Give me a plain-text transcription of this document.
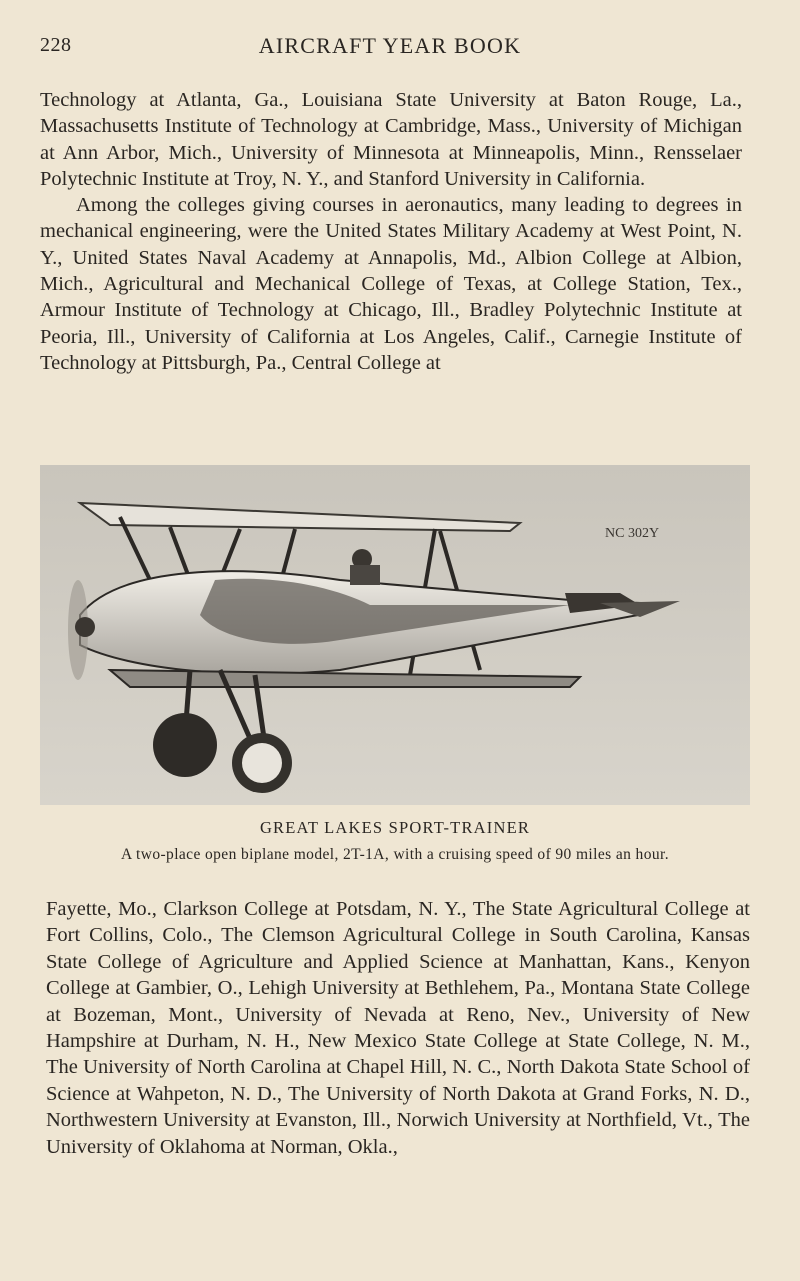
228	AIRCRAFT YEAR BOOK

Technology at Atlanta, Ga., Louisiana State University at Baton Rouge, La., Massachusetts Institute of Technology at Cambridge, Mass., University of Michigan at Ann Arbor, Mich., University of Minnesota at Minneapolis, Minn., Rensselaer Polytechnic Institute at Troy, N. Y., and Stanford University in California.

Among the colleges giving courses in aeronautics, many leading to degrees in mechanical engineering, were the United States Military Academy at West Point, N. Y., United States Naval Academy at Annapolis, Md., Albion College at Albion, Mich., Agricultural and Mechanical College of Texas, at College Station, Tex., Armour Institute of Technology at Chicago, Ill., Bradley Polytechnic Institute at Peoria, Ill., University of California at Los Angeles, Calif., Carnegie Institute of Technology at Pittsburgh, Pa., Central College at

NC 302Y
GREAT LAKES SPORT-TRAINER
A two-place open biplane model, 2T-1A, with a cruising speed of 90 miles an hour.

Fayette, Mo., Clarkson College at Potsdam, N. Y., The State Agricultural College at Fort Collins, Colo., The Clemson Agricultural College in South Carolina, Kansas State College of Agriculture and Applied Science at Manhattan, Kans., Kenyon College at Gambier, O., Lehigh University at Bethlehem, Pa., Montana State College at Bozeman, Mont., University of Nevada at Reno, Nev., University of New Hampshire at Durham, N. H., New Mexico State College at State College, N. M., The University of North Carolina at Chapel Hill, N. C., North Dakota State School of Science at Wahpeton, N. D., The University of North Dakota at Grand Forks, N. D., Northwestern University at Evanston, Ill., Norwich University at Northfield, Vt., The University of Oklahoma at Norman, Okla.,
